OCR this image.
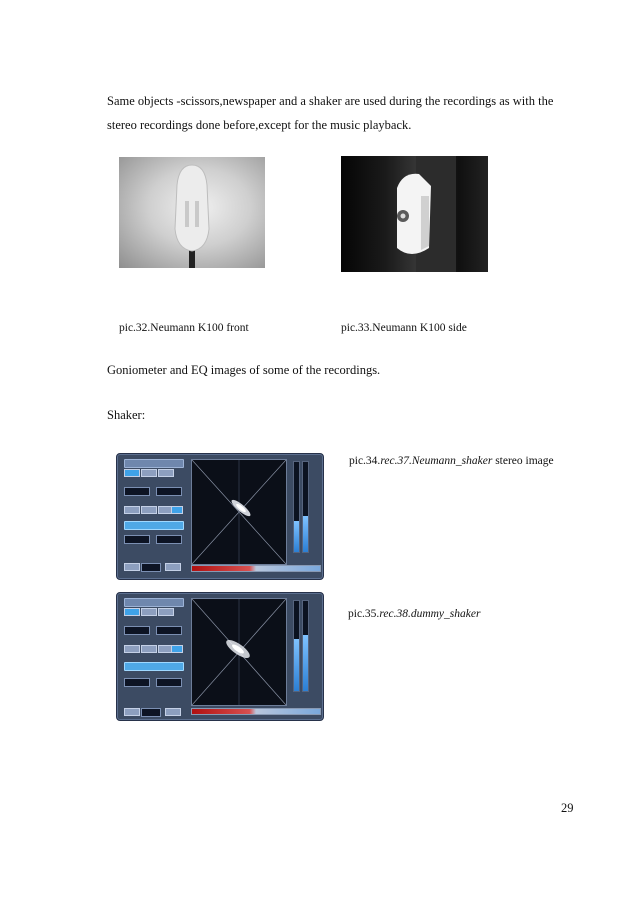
Same objects -scissors,newspaper and a shaker are used during the recordings as with the
stereo recordings done before,except for the music playback.
pic.32.Neumann K100 front	pic.33.Neumann K100 side
Goniometer and EQ images of some of the recordings.
Shaker:
pic.34.rec.37.Neumann_shaker stereo image
pic.35.rec.38.dummy_shaker
29
